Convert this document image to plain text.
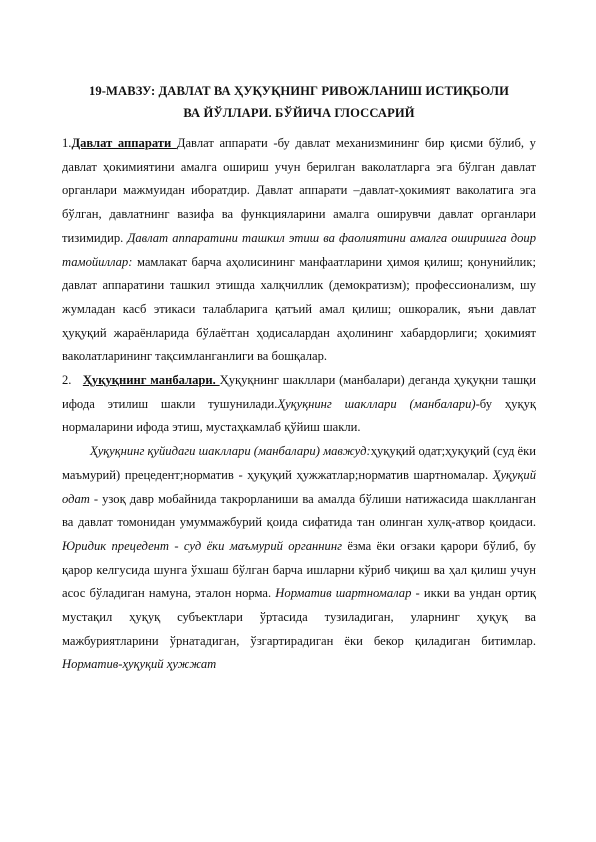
19-МАВЗУ: ДАВЛАТ ВА ҲУҚУҚНИНГ РИВОЖЛАНИШ ИСТИҚБОЛИ
ВА ЙЎЛЛАРИ. БЎЙИЧА ГЛОССАРИЙ

1.Давлат аппарати Давлат аппарати -бу давлат механизмининг бир қисми бўлиб, у давлат ҳокимиятини амалга ошириш учун берилган ваколатларга эга бўлган давлат органлари мажмуидан иборатдир. Давлат аппарати –давлат-ҳокимият ваколатига эга бўлган, давлатнинг вазифа ва функцияларини амалга оширувчи давлат органлари тизимидир. Давлат аппаратини ташкил этиш ва фаолиятини амалга оширишга доир тамойиллар: мамлакат барча аҳолисининг манфаатларини ҳимоя қилиш; қонунийлик; давлат аппаратини ташкил этишда халқчиллик (демократизм); профессионализм, шу жумладан касб этикаси талабларига қатъий амал қилиш; ошкоралик, яъни давлат ҳуқуқий жараёнларида бўлаётган ҳодисалардан аҳолининг хабардорлиги; ҳокимият ваколатларининг тақсимланганлиги ва бошқалар.

2. Ҳуқуқнинг манбалари. Ҳуқуқнинг шакллари (манбалари) деганда ҳуқуқни ташқи ифода этилиш шакли тушунилади.Ҳуқуқнинг шакллари (манбалари)-бу ҳуқуқ нормаларини ифода этиш, мустаҳкамлаб қўйиш шакли.

Ҳуқуқнинг қуйидаги шакллари (манбалари) мавжуд:ҳуқуқий одат;ҳуқуқий (суд ёки маъмурий) прецедент;норматив - ҳуқуқий ҳужжатлар;норматив шартномалар. Ҳуқуқий одат - узоқ давр мобайнида такрорланиши ва амалда бўлиши натижасида шаклланган ва давлат томонидан умуммажбурий қоида сифатида тан олинган хулқ-атвор қоидаси. Юридик прецедент - суд ёки маъмурий органнинг ёзма ёки оғзаки қарори бўлиб, бу қарор келгусида шунга ўхшаш бўлган барча ишларни кўриб чиқиш ва ҳал қилиш учун асос бўладиган намуна, эталон норма. Норматив шартномалар - икки ва ундан ортиқ мустақил ҳуқуқ субъектлари ўртасида тузиладиган, уларнинг ҳуқуқ ва мажбуриятларини ўрнатадиган, ўзгартирадиган ёки бекор қиладиган битимлар. Норматив-ҳуқуқий ҳужжат
